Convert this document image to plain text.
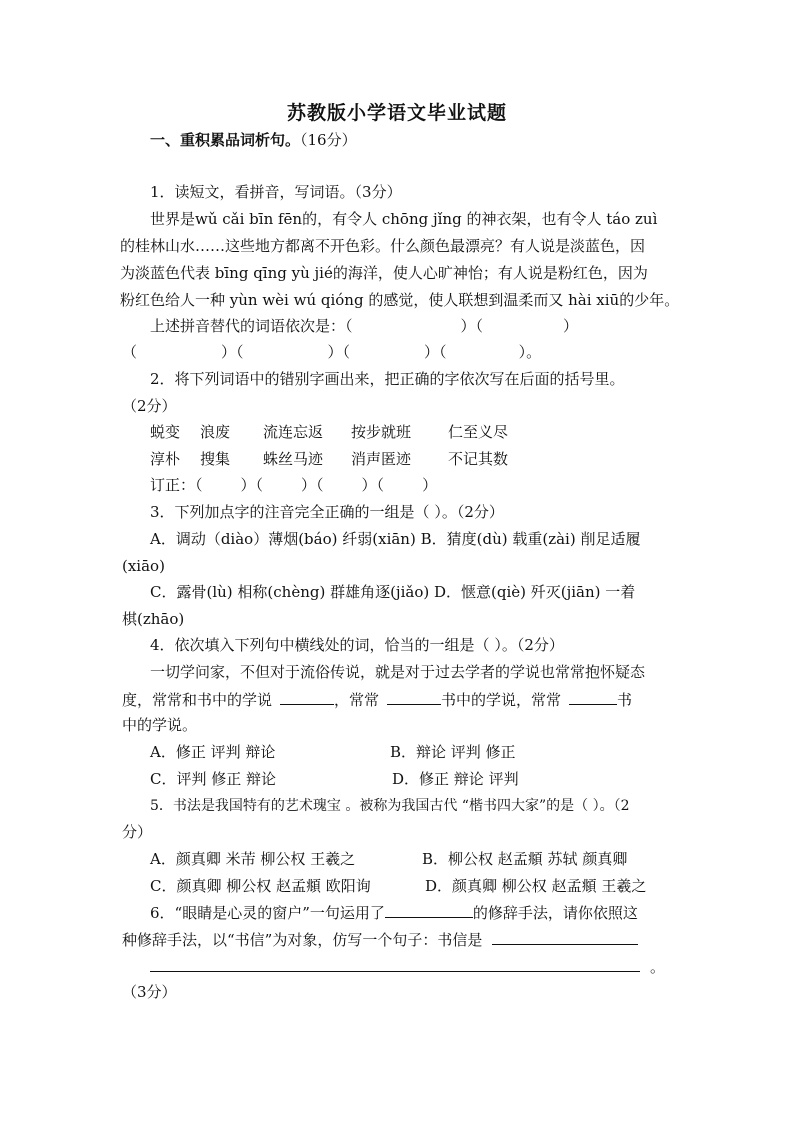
苏教版小学语文毕业试题
一、重积累品词析句。（16分）
1．读短文，看拼音，写词语。（3分）
世界是wǔ cǎi bīn fēn的，有令人 chōng jǐng 的神衣架，也有令人 táo zuì
的桂林山水……这些地方都离不开色彩。什么颜色最漂亮？有人说是淡蓝色，因
为淡蓝色代表 bīng qīng yù jié的海洋，使人心旷神怡；有人说是粉红色，因为
粉红色给人一种 yùn wèi wú qióng 的感觉，使人联想到温柔而又 hài xiū的少年。
上述拼音替代的词语依次是：（	）（	）
（	）（	）（	）（	）。
2．将下列词语中的错别字画出来，把正确的字依次写在后面的括号里。
（2分）
蜕变 浪废 流连忘返 按步就班 仁至义尽
淳朴 搜集 蛛丝马迹 消声匿迹 不记其数
订正：（	）（	）（	）（	）
3．下列加点字的注音完全正确的一组是（ ）。（2分）
A．调动（diào）薄烟(báo) 纤弱(xiān) B．猜度(dù) 载重(zài) 削足适履
(xiāo)
C．露骨(lù) 相称(chèng) 群雄角逐(jiǎo) D．惬意(qiè) 歼灭(jiān) 一着
棋(zhāo)
4．依次填入下列句中横线处的词，恰当的一组是（ ）。（2分）
一切学问家，不但对于流俗传说，就是对于过去学者的学说也常常抱怀疑态
度，常常和书中的学说	，常常	书中的学说，常常	书
中的学说。
A．修正 评判 辩论	B．辩论 评判 修正
C．评判 修正 辩论	D．修正 辩论 评判
5．书法是我国特有的艺术瑰宝 。被称为我国古代 “楷书四大家”的是（ ）。（2
分）
A．颜真卿 米芾 柳公权 王羲之	B．柳公权 赵孟頫 苏轼 颜真卿
C．颜真卿 柳公权 赵孟頫 欧阳询	D．颜真卿 柳公权 赵孟頫 王羲之
6．“眼睛是心灵的窗户”一句运用了	的修辞手法，请你依照这
种修辞手法，以“书信”为对象，仿写一个句子：书信是
。
（3分）
